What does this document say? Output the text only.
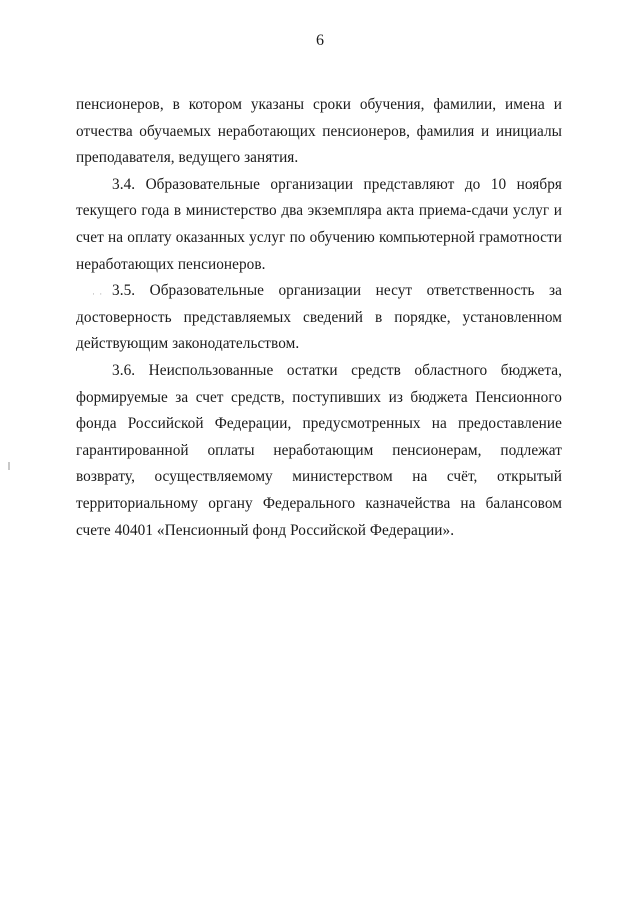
6
· ·

пенсионеров, в котором указаны сроки обучения, фамилии, имена и отчества обучаемых неработающих пенсионеров, фамилия и инициалы преподавателя, ведущего занятия.

3.4. Образовательные организации представляют до 10 ноября текущего года в министерство два экземпляра акта приема-сдачи услуг и счет на оплату оказанных услуг по обучению компьютерной грамотности неработающих пенсионеров.

3.5. Образовательные организации несут ответственность за достоверность представляемых сведений в порядке, установленном действующим законодательством.

3.6. Неиспользованные остатки средств областного бюджета, формируемые за счет средств, поступивших из бюджета Пенсионного фонда Российской Федерации, предусмотренных на предоставление гарантированной оплаты неработающим пенсионерам, подлежат возврату, осуществляемому министерством на счёт, открытый территориальному органу Федерального казначейства на балансовом счете 40401 «Пенсионный фонд Российской Федерации».
